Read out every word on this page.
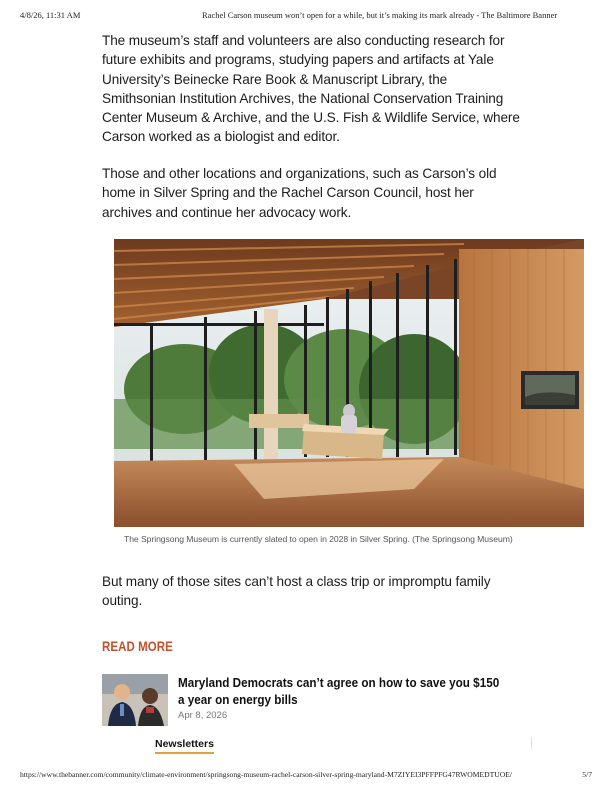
4/8/26, 11:31 AM	Rachel Carson museum won’t open for a while, but it’s making its mark already - The Baltimore Banner

The museum’s staff and volunteers are also conducting research for future exhibits and programs, studying papers and artifacts at Yale University’s Beinecke Rare Book & Manuscript Library, the Smithsonian Institution Archives, the National Conservation Training Center Museum & Archive, and the U.S. Fish & Wildlife Service, where Carson worked as a biologist and editor.

Those and other locations and organizations, such as Carson’s old home in Silver Spring and the Rachel Carson Council, host her archives and continue her advocacy work.

The Springsong Museum is currently slated to open in 2028 in Silver Spring. (The Springsong Museum)

But many of those sites can’t host a class trip or impromptu family outing.

READ MORE
Maryland Democrats can’t agree on how to save you $150 a year on energy bills
Apr 8, 2026
Newsletters
https://www.thebanner.com/community/climate-environment/springsong-museum-rachel-carson-silver-spring-maryland-M7ZIYEI3PFFPFG47RWOMEDTUOE/	5/7
